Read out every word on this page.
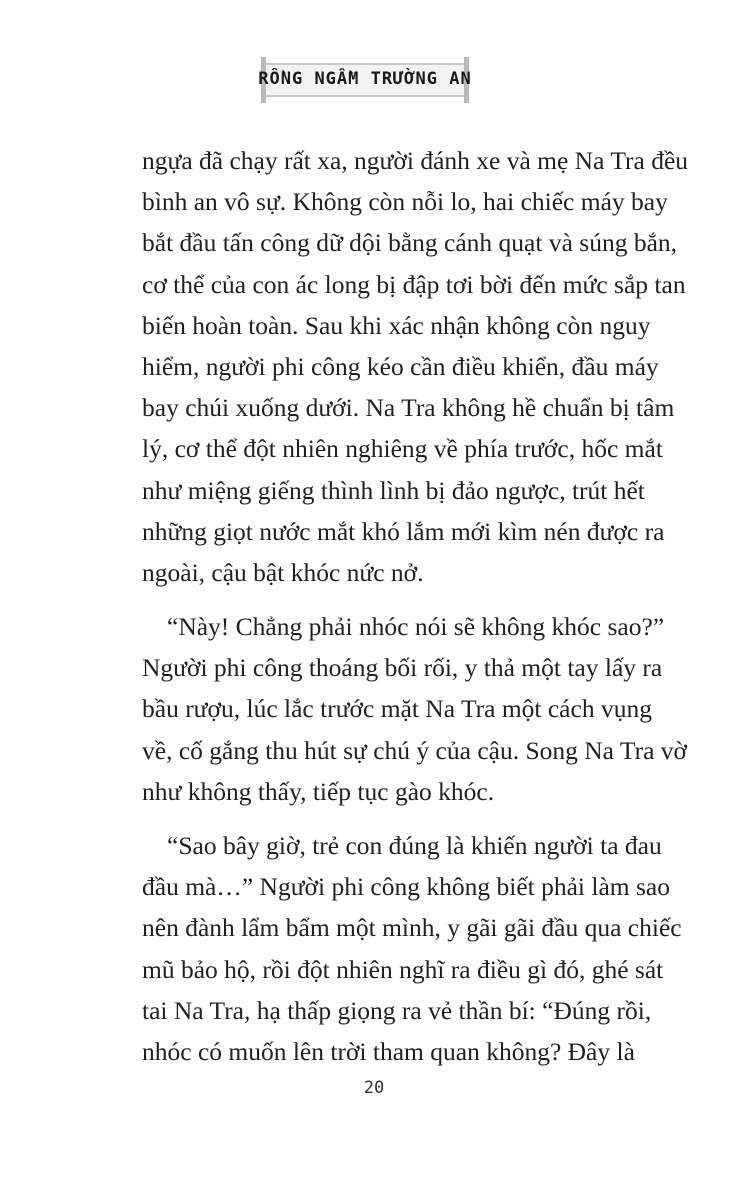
RỒNG NGẦM TRƯỜNG AN
ngựa đã chạy rất xa, người đánh xe và mẹ Na Tra đều
bình an vô sự. Không còn nỗi lo, hai chiếc máy bay
bắt đầu tấn công dữ dội bằng cánh quạt và súng bắn,
cơ thể của con ác long bị đập tơi bời đến mức sắp tan
biến hoàn toàn. Sau khi xác nhận không còn nguy
hiểm, người phi công kéo cần điều khiển, đầu máy
bay chúi xuống dưới. Na Tra không hề chuẩn bị tâm
lý, cơ thể đột nhiên nghiêng về phía trước, hốc mắt
như miệng giếng thình lình bị đảo ngược, trút hết
những giọt nước mắt khó lắm mới kìm nén được ra
ngoài, cậu bật khóc nức nở.
“Này! Chẳng phải nhóc nói sẽ không khóc sao?”
Người phi công thoáng bối rối, y thả một tay lấy ra
bầu rượu, lúc lắc trước mặt Na Tra một cách vụng
về, cố gắng thu hút sự chú ý của cậu. Song Na Tra vờ
như không thấy, tiếp tục gào khóc.
“Sao bây giờ, trẻ con đúng là khiến người ta đau
đầu mà…” Người phi công không biết phải làm sao
nên đành lẩm bẩm một mình, y gãi gãi đầu qua chiếc
mũ bảo hộ, rồi đột nhiên nghĩ ra điều gì đó, ghé sát
tai Na Tra, hạ thấp giọng ra vẻ thần bí: “Đúng rồi,
nhóc có muốn lên trời tham quan không? Đây là
20
